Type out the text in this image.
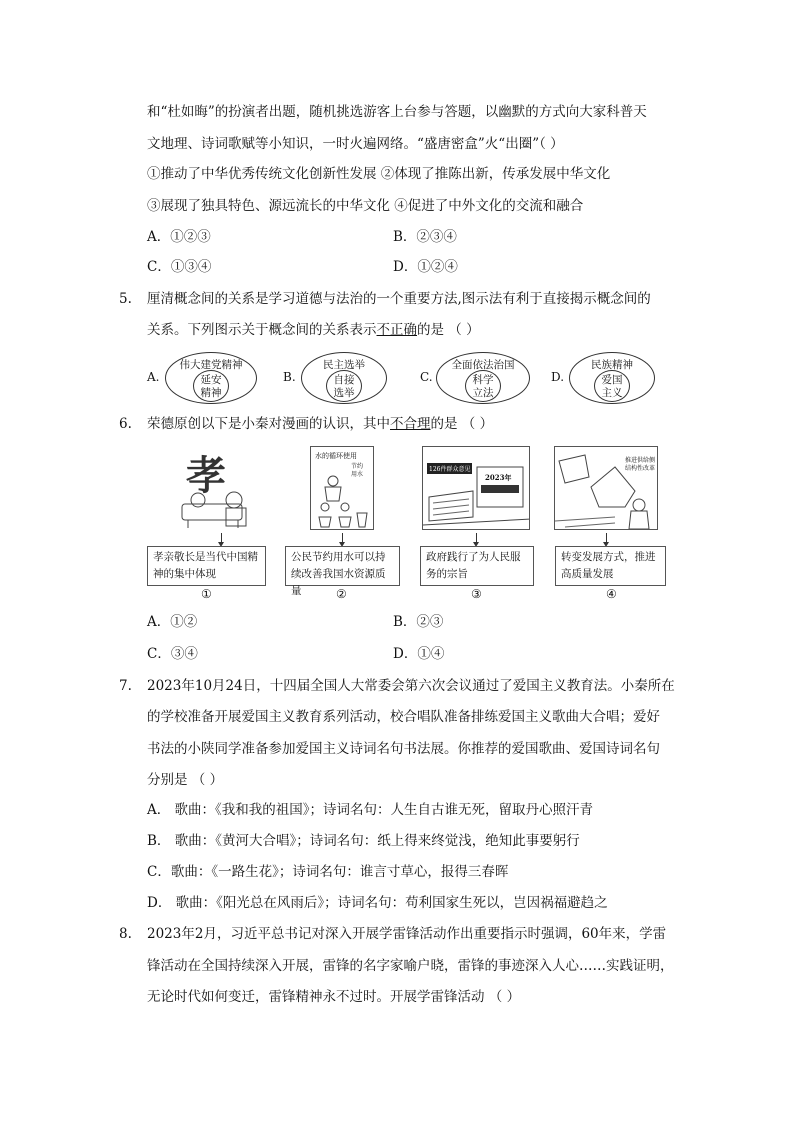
和“杜如晦”的扮演者出题，随机挑选游客上台参与答题，以幽默的方式向大家科普天
文地理、诗词歌赋等小知识，一时火遍网络。“盛唐密盒”火“出圈”（ ）
①推动了中华优秀传统文化创新性发展 ②体现了推陈出新，传承发展中华文化
③展现了独具特色、源远流长的中华文化 ④促进了中外文化的交流和融合
A．①②③	B．②③④
C．①③④	D．①②④
5. 厘清概念间的关系是学习道德与法治的一个重要方法,图示法有利于直接揭示概念间的
关系。下列图示关于概念间的关系表示不正确的是 （ ）
A.
伟大建党精神
延安
精神
B.
民主选举
自接
选举
C.
全面依法治国
科学
立法
D.
民族精神
爱国
主义
6. 荣德原创以下是小秦对漫画的认识，其中不合理的是 （ ）
孝
孝亲敬长是当代中国精神的集中体现
①
水的循环使用
节约用水
公民节约用水可以持续改善我国水资源质量	②
126件群众意见
2023年
政府践行了为人民服务的宗旨
③
推进供给侧结构性改革
转变发展方式，推进高质量发展
④
A．①②	B．②③
C．③④	D．①④
7. 2023年10月24日，十四届全国人大常委会第六次会议通过了爱国主义教育法。小秦所在
的学校准备开展爱国主义教育系列活动，校合唱队准备排练爱国主义歌曲大合唱；爱好
书法的小陕同学准备参加爱国主义诗词名句书法展。你推荐的爱国歌曲、爱国诗词名句
分别是 （ ）
A． 歌曲：《我和我的祖国》；诗词名句：人生自古谁无死，留取丹心照汗青
B． 歌曲：《黄河大合唱》；诗词名句：纸上得来终觉浅，绝知此事要躬行
C．歌曲：《一路生花》；诗词名句：谁言寸草心，报得三春晖
D． 歌曲：《阳光总在风雨后》；诗词名句：苟利国家生死以，岂因祸福避趋之
8. 2023年2月，习近平总书记对深入开展学雷锋活动作出重要指示时强调，60年来，学雷
锋活动在全国持续深入开展，雷锋的名字家喻户晓，雷锋的事迹深入人心……实践证明，
无论时代如何变迁，雷锋精神永不过时。开展学雷锋活动 （ ）
